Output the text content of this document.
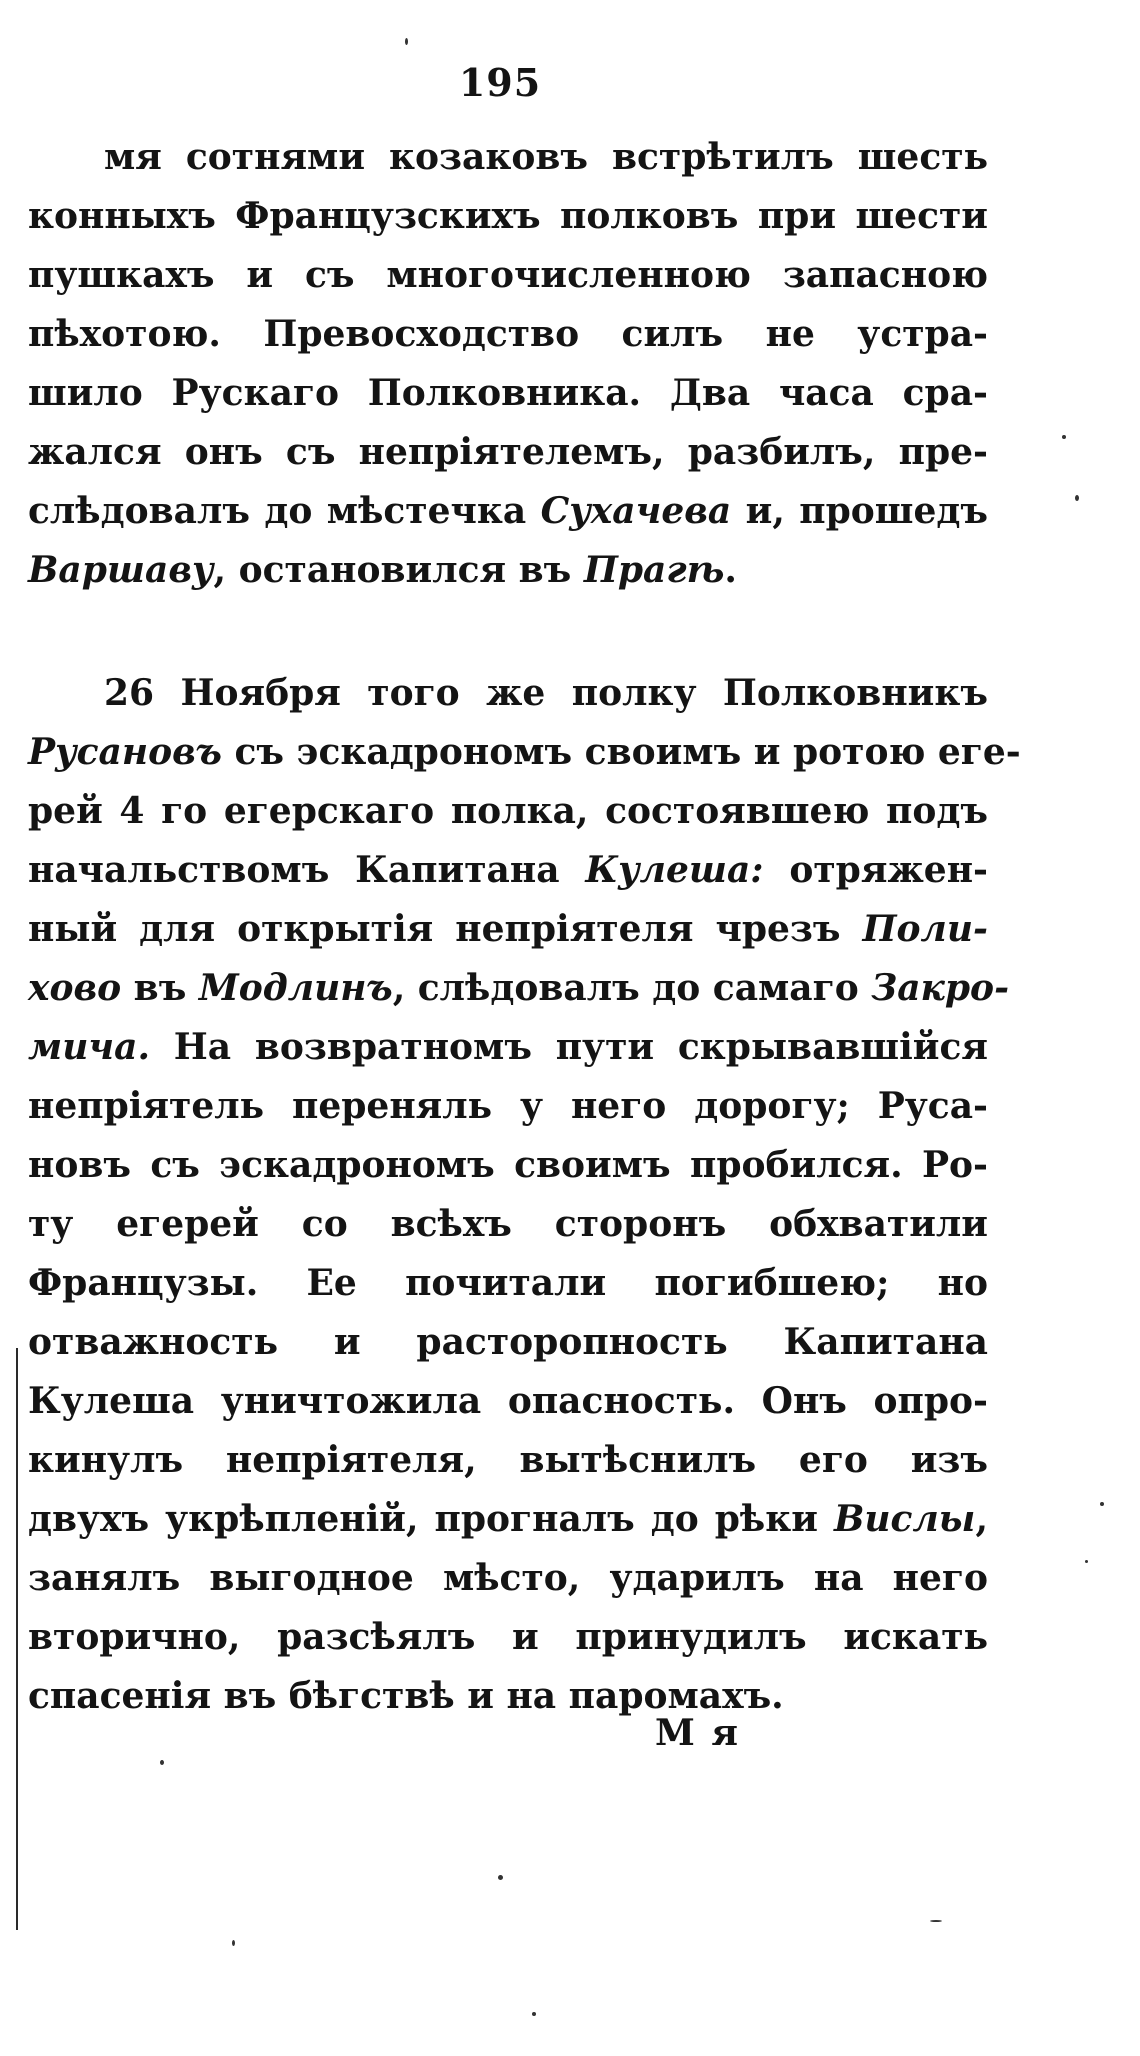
195
мя сотнями козаковъ встрѣтилъ шесть
конныхъ Французскихъ полковъ при шести
пушкахъ и съ многочисленною запасною
пѣхотою. Превосходство силъ не устра-
шило Рускаго Полковника. Два часа сра-
жался онъ съ непріятелемъ, разбилъ, пре-
слѣдовалъ до мѣстечка Сухачева и, прошедъ
Варшаву, остановился въ Прагѣ.
26 Ноября того же полку Полковникъ
Русановъ съ эскадрономъ своимъ и ротою еге-
рей 4 го егерскаго полка, состоявшею подъ
начальствомъ Капитана Кулеша: отряжен-
ный для открытія непріятеля чрезъ Поли-
хово въ Модлинъ, слѣдовалъ до самаго Закро-
мича. На возвратномъ пути скрывавшійся
непріятель переняль у него дорогу; Руса-
новъ съ эскадрономъ своимъ пробился. Ро-
ту егерей со всѣхъ сторонъ обхватили
Французы. Ее почитали погибшею; но
отважность и расторопность Капитана
Кулеша уничтожила опасность. Онъ опро-
кинулъ непріятеля, вытѣснилъ его изъ
двухъ укрѣпленій, прогналъ до рѣки Вислы,
занялъ выгодное мѣсто, ударилъ на него
вторично, разсѣялъ и принудилъ искать
спасенія въ бѣгствѣ и на паромахъ.
М я
